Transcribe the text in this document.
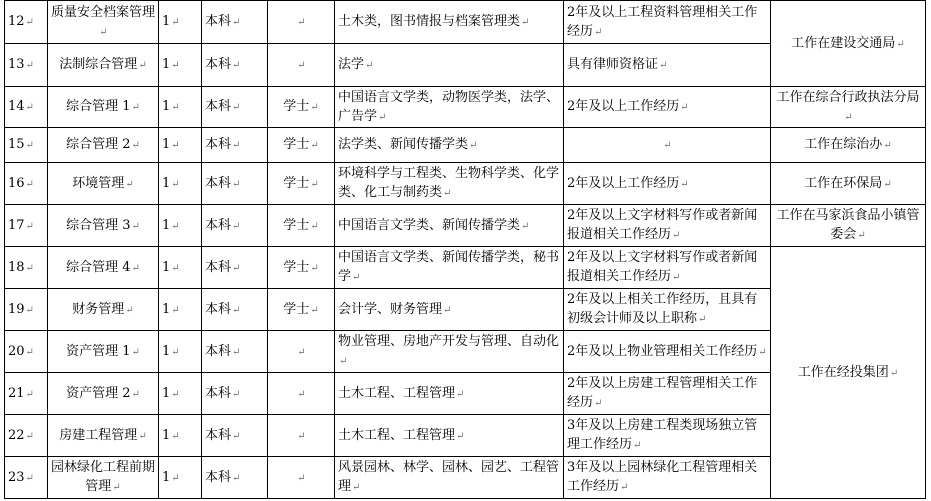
12↵	质量安全档案管理↵	1↵	本科↵	↵	土木类，图书情报与档案管理类↵	2年及以上工程资料管理相关工作经历↵	工作在建设交通局↵
13↵	法制综合管理↵	1↵	本科↵	↵	法学↵	具有律师资格证↵	
14↵	综合管理 1↵	1↵	本科↵	学士↵	中国语言文学类，动物医学类，法学、广告学↵	2年及以上工作经历↵	工作在综合行政执法分局↵
15↵	综合管理 2↵	1↵	本科↵	学士↵	法学类、新闻传播学类↵	↵	工作在综治办↵
16↵	环境管理↵	1↵	本科↵	学士↵	环境科学与工程类、生物科学类、化学类、化工与制药类↵	2年及以上工作经历↵	工作在环保局↵
17↵	综合管理 3↵	1↵	本科↵	学士↵	中国语言文学类、新闻传播学类↵	2年及以上文字材料写作或者新闻报道相关工作经历↵	工作在马家浜食品小镇管委会↵
18↵	综合管理 4↵	1↵	本科↵	学士↵	中国语言文学类、新闻传播学类，秘书学↵	2年及以上文字材料写作或者新闻报道相关工作经历↵	工作在经投集团↵
19↵	财务管理↵	1↵	本科↵	学士↵	会计学、财务管理↵	2年及以上相关工作经历，且具有初级会计师及以上职称↵	
20↵	资产管理 1↵	1↵	本科↵	↵	物业管理、房地产开发与管理、自动化↵	2年及以上物业管理相关工作经历↵	
21↵	资产管理 2↵	1↵	本科↵	↵	土木工程、工程管理↵	2年及以上房建工程管理相关工作经历↵	
22↵	房建工程管理↵	1↵	本科↵	↵	土木工程、工程管理↵	3年及以上房建工程类现场独立管理工作经历↵	
23↵	园林绿化工程前期管理↵	1↵	本科↵	↵	风景园林、林学、园林、园艺、工程管理↵	3年及以上园林绿化工程管理相关工作经历↵	
